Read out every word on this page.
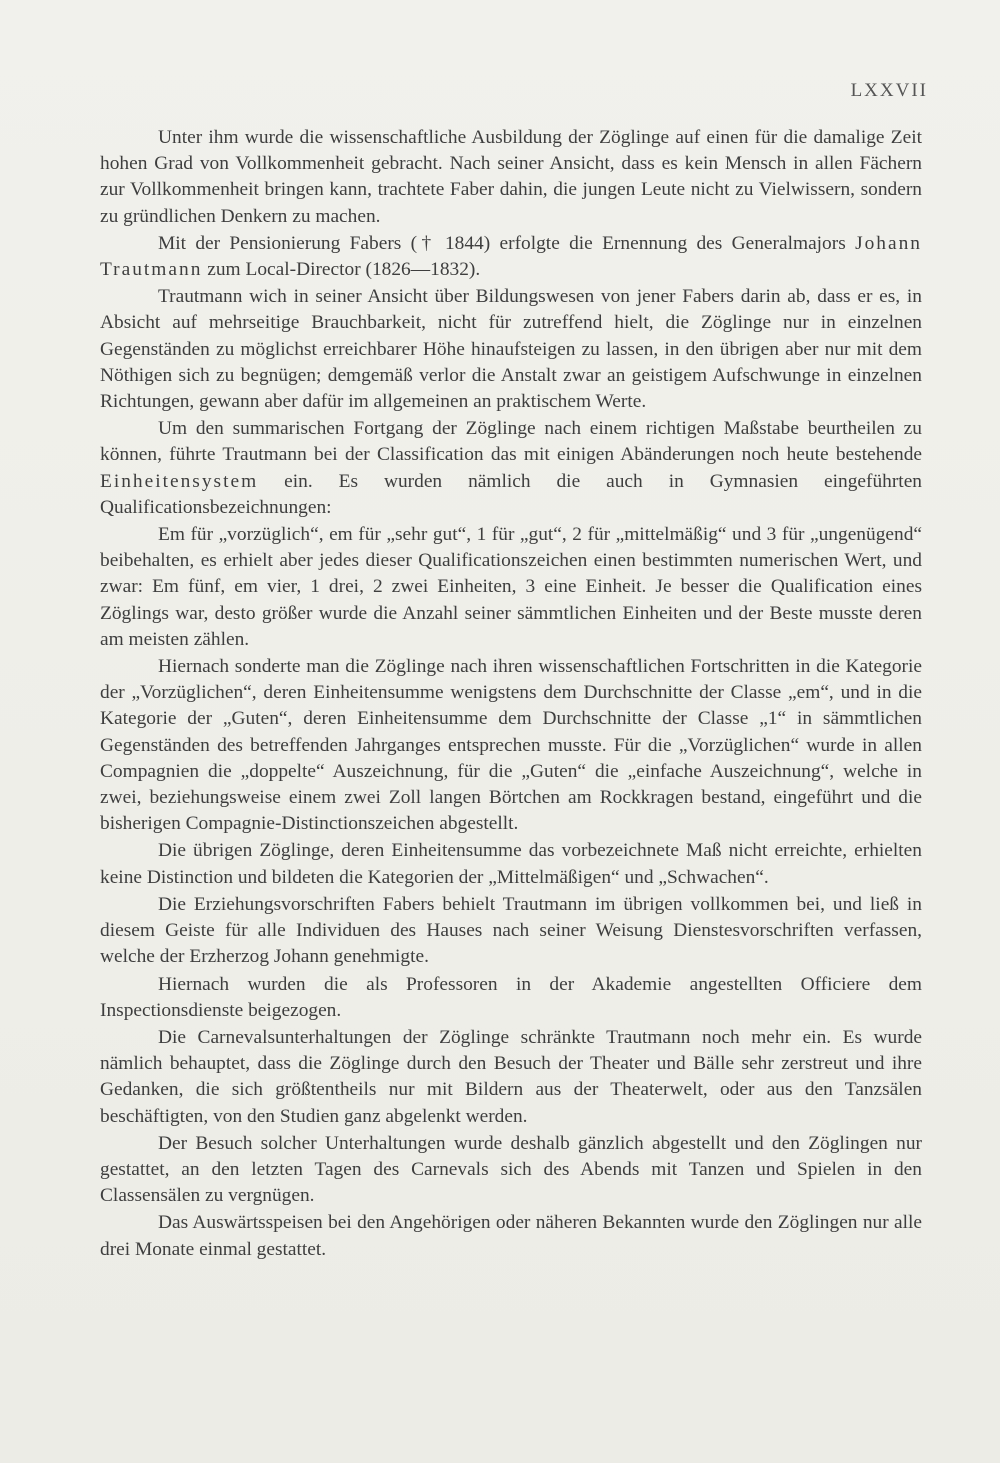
LXXVII

Unter ihm wurde die wissenschaftliche Ausbildung der Zöglinge auf einen für die damalige Zeit hohen Grad von Vollkommenheit gebracht. Nach seiner Ansicht, dass es kein Mensch in allen Fächern zur Vollkommenheit bringen kann, trachtete Faber dahin, die jungen Leute nicht zu Vielwissern, sondern zu gründlichen Denkern zu machen.

Mit der Pensionierung Fabers († 1844) erfolgte die Ernennung des Generalmajors Johann Trautmann zum Local-Director (1826—1832).

Trautmann wich in seiner Ansicht über Bildungswesen von jener Fabers darin ab, dass er es, in Absicht auf mehrseitige Brauchbarkeit, nicht für zutreffend hielt, die Zöglinge nur in einzelnen Gegenständen zu möglichst erreichbarer Höhe hinaufsteigen zu lassen, in den übrigen aber nur mit dem Nöthigen sich zu begnügen; demgemäß verlor die Anstalt zwar an geistigem Aufschwunge in einzelnen Richtungen, gewann aber dafür im allgemeinen an praktischem Werte.

Um den summarischen Fortgang der Zöglinge nach einem richtigen Maßstabe beurtheilen zu können, führte Trautmann bei der Classification das mit einigen Abänderungen noch heute bestehende Einheitensystem ein. Es wurden nämlich die auch in Gymnasien eingeführten Qualificationsbezeichnungen:

Em für „vorzüglich“, em für „sehr gut“, 1 für „gut“, 2 für „mittelmäßig“ und 3 für „ungenügend“ beibehalten, es erhielt aber jedes dieser Qualificationszeichen einen bestimmten numerischen Wert, und zwar: Em fünf, em vier, 1 drei, 2 zwei Einheiten, 3 eine Einheit. Je besser die Qualification eines Zöglings war, desto größer wurde die Anzahl seiner sämmtlichen Einheiten und der Beste musste deren am meisten zählen.

Hiernach sonderte man die Zöglinge nach ihren wissenschaftlichen Fortschritten in die Kategorie der „Vorzüglichen“, deren Einheitensumme wenigstens dem Durchschnitte der Classe „em“, und in die Kategorie der „Guten“, deren Einheitensumme dem Durchschnitte der Classe „1“ in sämmtlichen Gegenständen des betreffenden Jahrganges entsprechen musste. Für die „Vorzüglichen“ wurde in allen Compagnien die „doppelte“ Auszeichnung, für die „Guten“ die „einfache Auszeichnung“, welche in zwei, beziehungsweise einem zwei Zoll langen Börtchen am Rockkragen bestand, eingeführt und die bisherigen Compagnie-Distinctionszeichen abgestellt.

Die übrigen Zöglinge, deren Einheitensumme das vorbezeichnete Maß nicht erreichte, erhielten keine Distinction und bildeten die Kategorien der „Mittelmäßigen“ und „Schwachen“.

Die Erziehungsvorschriften Fabers behielt Trautmann im übrigen vollkommen bei, und ließ in diesem Geiste für alle Individuen des Hauses nach seiner Weisung Dienstesvorschriften verfassen, welche der Erzherzog Johann genehmigte.

Hiernach wurden die als Professoren in der Akademie angestellten Officiere dem Inspectionsdienste beigezogen.

Die Carnevalsunterhaltungen der Zöglinge schränkte Trautmann noch mehr ein. Es wurde nämlich behauptet, dass die Zöglinge durch den Besuch der Theater und Bälle sehr zerstreut und ihre Gedanken, die sich größtentheils nur mit Bildern aus der Theaterwelt, oder aus den Tanzsälen beschäftigten, von den Studien ganz abgelenkt werden.

Der Besuch solcher Unterhaltungen wurde deshalb gänzlich abgestellt und den Zöglingen nur gestattet, an den letzten Tagen des Carnevals sich des Abends mit Tanzen und Spielen in den Classensälen zu vergnügen.

Das Auswärtsspeisen bei den Angehörigen oder näheren Bekannten wurde den Zöglingen nur alle drei Monate einmal gestattet.
